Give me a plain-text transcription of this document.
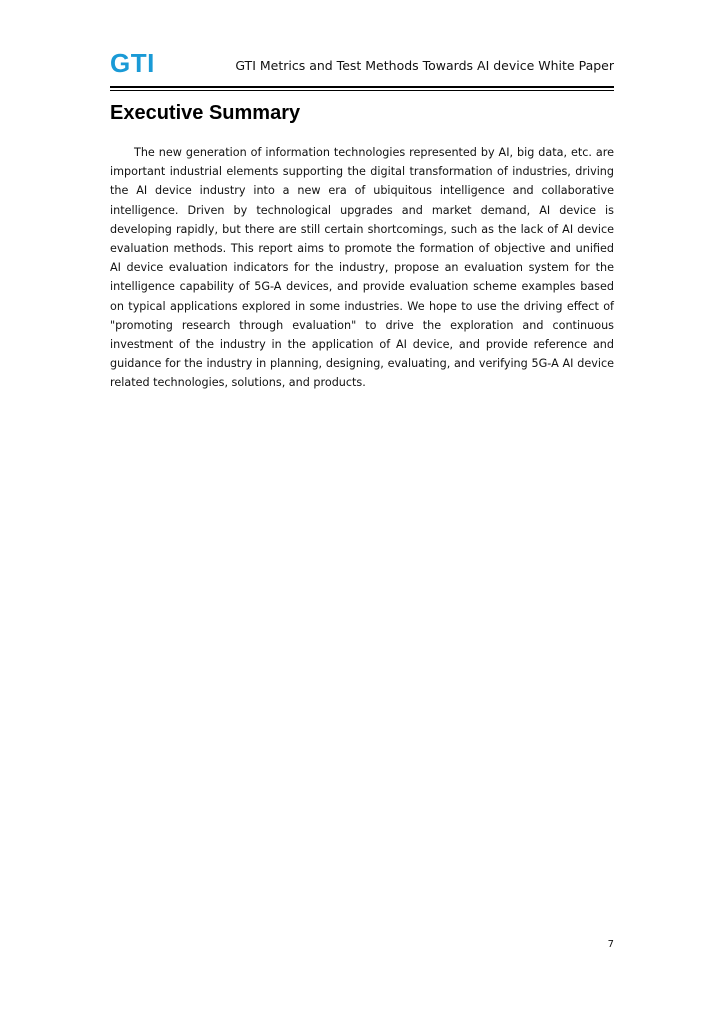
GTI	GTI Metrics and Test Methods Towards AI device White Paper
Executive Summary

The new generation of information technologies represented by AI, big data, etc. are important industrial elements supporting the digital transformation of industries, driving the AI device industry into a new era of ubiquitous intelligence and collaborative intelligence. Driven by technological upgrades and market demand, AI device is developing rapidly, but there are still certain shortcomings, such as the lack of AI device evaluation methods. This report aims to promote the formation of objective and unified AI device evaluation indicators for the industry, propose an evaluation system for the intelligence capability of 5G-A devices, and provide evaluation scheme examples based on typical applications explored in some industries. We hope to use the driving effect of "promoting research through evaluation" to drive the exploration and continuous investment of the industry in the application of AI device, and provide reference and guidance for the industry in planning, designing, evaluating, and verifying 5G-A AI device related technologies, solutions, and products.

7
